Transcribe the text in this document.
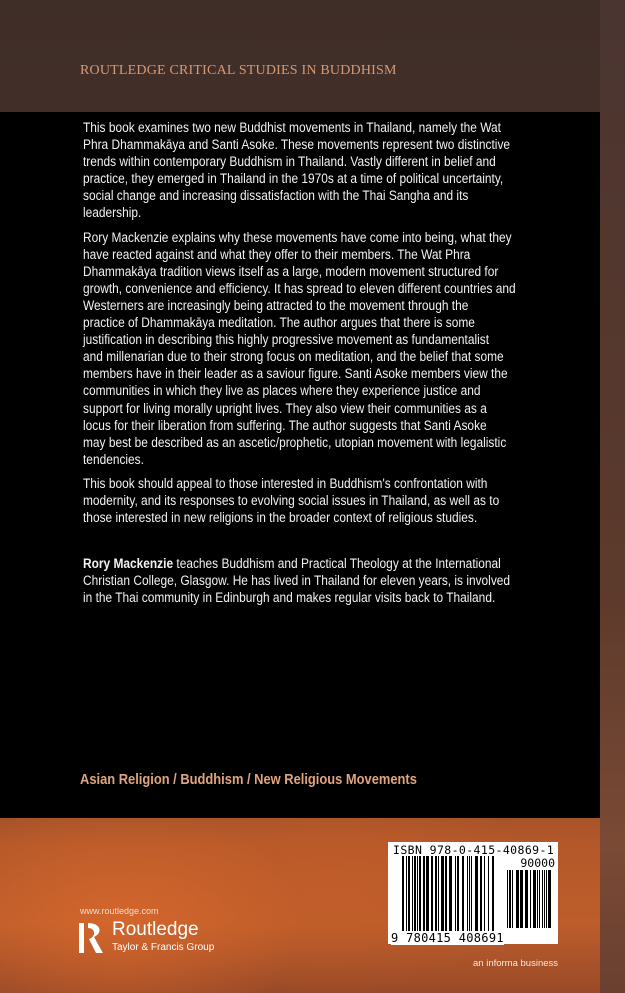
ROUTLEDGE CRITICAL STUDIES IN BUDDHISM
This book examines two new Buddhist movements in Thailand, namely the Wat
Phra Dhammakāya and Santi Asoke. These movements represent two distinctive
trends within contemporary Buddhism in Thailand. Vastly different in belief and
practice, they emerged in Thailand in the 1970s at a time of political uncertainty,
social change and increasing dissatisfaction with the Thai Sangha and its
leadership.
Rory Mackenzie explains why these movements have come into being, what they
have reacted against and what they offer to their members. The Wat Phra
Dhammakāya tradition views itself as a large, modern movement structured for
growth, convenience and efficiency. It has spread to eleven different countries and
Westerners are increasingly being attracted to the movement through the
practice of Dhammakāya meditation. The author argues that there is some
justification in describing this highly progressive movement as fundamentalist
and millenarian due to their strong focus on meditation, and the belief that some
members have in their leader as a saviour figure. Santi Asoke members view the
communities in which they live as places where they experience justice and
support for living morally upright lives. They also view their communities as a
locus for their liberation from suffering. The author suggests that Santi Asoke
may best be described as an ascetic/prophetic, utopian movement with legalistic
tendencies.
This book should appeal to those interested in Buddhism's confrontation with
modernity, and its responses to evolving social issues in Thailand, as well as to
those interested in new religions in the broader context of religious studies.
Rory Mackenzie teaches Buddhism and Practical Theology at the International
Christian College, Glasgow. He has lived in Thailand for eleven years, is involved
in the Thai community in Edinburgh and makes regular visits back to Thailand.
Asian Religion / Buddhism / New Religious Movements
ISBN 978-0-415-40869-1
90000
9 780415 408691
www.routledge.com
Routledge
Taylor & Francis Group
an informa business
